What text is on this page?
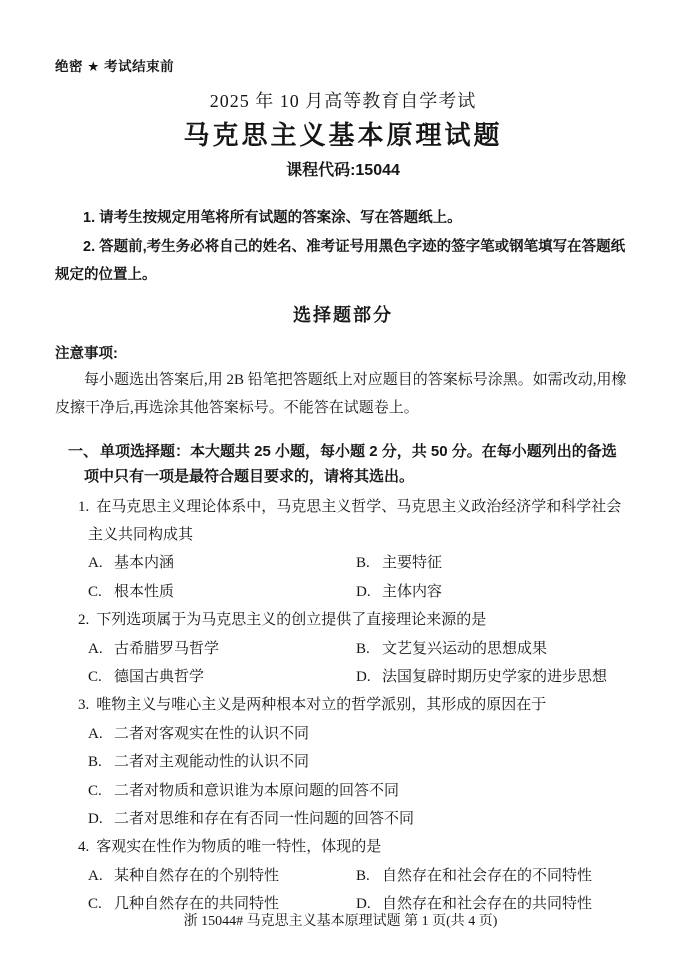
绝密 ★ 考试结束前
2025 年 10 月高等教育自学考试
马克思主义基本原理试题
课程代码:15044

1. 请考生按规定用笔将所有试题的答案涂、写在答题纸上。

2. 答题前,考生务必将自己的姓名、准考证号用黑色字迹的签字笔或钢笔填写在答题纸规定的位置上。

选择题部分
注意事项:

每小题选出答案后,用 2B 铅笔把答题纸上对应题目的答案标号涂黑。如需改动,用橡皮擦干净后,再选涂其他答案标号。不能答在试题卷上。

一、 单项选择题：本大题共 25 小题，每小题 2 分，共 50 分。在每小题列出的备选项中只有一项是最符合题目要求的，请将其选出。
1. 在马克思主义理论体系中，马克思主义哲学、马克思主义政治经济学和科学社会主义共同构成其
A. 基本内涵	B. 主要特征
C. 根本性质	D. 主体内容
2. 下列选项属于为马克思主义的创立提供了直接理论来源的是
A. 古希腊罗马哲学	B. 文艺复兴运动的思想成果
C. 德国古典哲学	D. 法国复辟时期历史学家的进步思想
3. 唯物主义与唯心主义是两种根本对立的哲学派别，其形成的原因在于
A. 二者对客观实在性的认识不同
B. 二者对主观能动性的认识不同
C. 二者对物质和意识谁为本原问题的回答不同
D. 二者对思维和存在有否同一性问题的回答不同
4. 客观实在性作为物质的唯一特性，体现的是
A. 某种自然存在的个别特性	B. 自然存在和社会存在的不同特性
C. 几种自然存在的共同特性	D. 自然存在和社会存在的共同特性
浙 15044# 马克思主义基本原理试题 第 1 页(共 4 页)
